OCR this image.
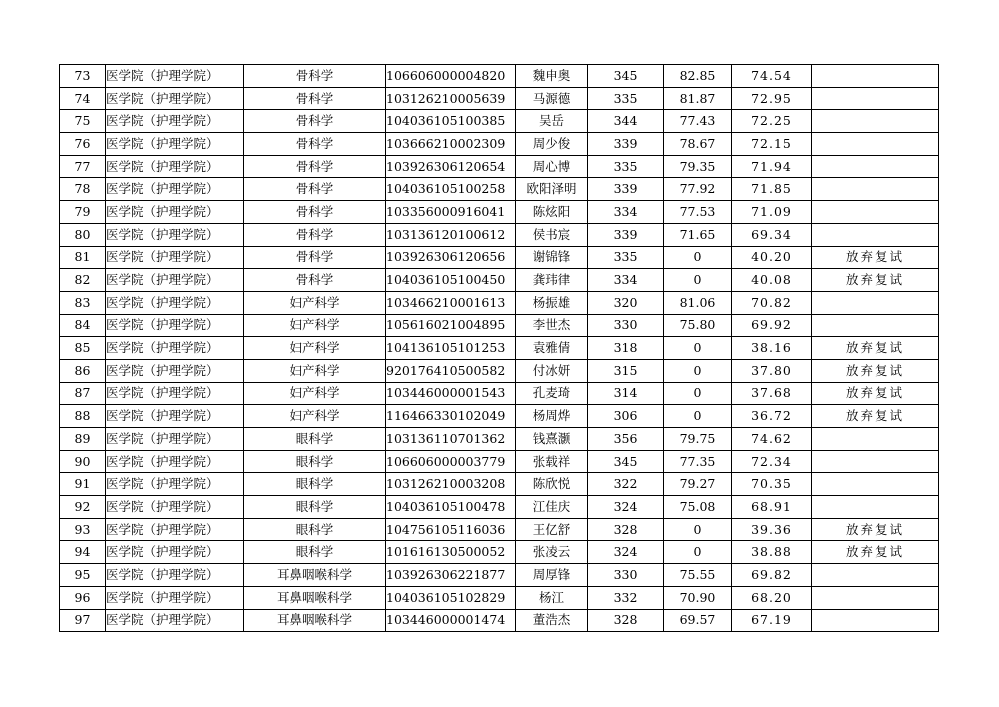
73	医学院（护理学院）	骨科学	106606000004820	魏申奥	345	82.85	74.54	
74	医学院（护理学院）	骨科学	103126210005639	马源德	335	81.87	72.95	
75	医学院（护理学院）	骨科学	104036105100385	吴岳	344	77.43	72.25	
76	医学院（护理学院）	骨科学	103666210002309	周少俊	339	78.67	72.15	
77	医学院（护理学院）	骨科学	103926306120654	周心博	335	79.35	71.94	
78	医学院（护理学院）	骨科学	104036105100258	欧阳泽明	339	77.92	71.85	
79	医学院（护理学院）	骨科学	103356000916041	陈炫阳	334	77.53	71.09	
80	医学院（护理学院）	骨科学	103136120100612	侯书宸	339	71.65	69.34	
81	医学院（护理学院）	骨科学	103926306120656	谢锦锋	335	0	40.20	放弃复试
82	医学院（护理学院）	骨科学	104036105100450	龚玮律	334	0	40.08	放弃复试
83	医学院（护理学院）	妇产科学	103466210001613	杨振雄	320	81.06	70.82	
84	医学院（护理学院）	妇产科学	105616021004895	李世杰	330	75.80	69.92	
85	医学院（护理学院）	妇产科学	104136105101253	袁雅倩	318	0	38.16	放弃复试
86	医学院（护理学院）	妇产科学	920176410500582	付冰妍	315	0	37.80	放弃复试
87	医学院（护理学院）	妇产科学	103446000001543	孔麦琦	314	0	37.68	放弃复试
88	医学院（护理学院）	妇产科学	116466330102049	杨周烨	306	0	36.72	放弃复试
89	医学院（护理学院）	眼科学	103136110701362	钱熹灏	356	79.75	74.62	
90	医学院（护理学院）	眼科学	106606000003779	张载祥	345	77.35	72.34	
91	医学院（护理学院）	眼科学	103126210003208	陈欣悦	322	79.27	70.35	
92	医学院（护理学院）	眼科学	104036105100478	江佳庆	324	75.08	68.91	
93	医学院（护理学院）	眼科学	104756105116036	王亿舒	328	0	39.36	放弃复试
94	医学院（护理学院）	眼科学	101616130500052	张凌云	324	0	38.88	放弃复试
95	医学院（护理学院）	耳鼻咽喉科学	103926306221877	周厚锋	330	75.55	69.82	
96	医学院（护理学院）	耳鼻咽喉科学	104036105102829	杨江	332	70.90	68.20	
97	医学院（护理学院）	耳鼻咽喉科学	103446000001474	董浩杰	328	69.57	67.19	
